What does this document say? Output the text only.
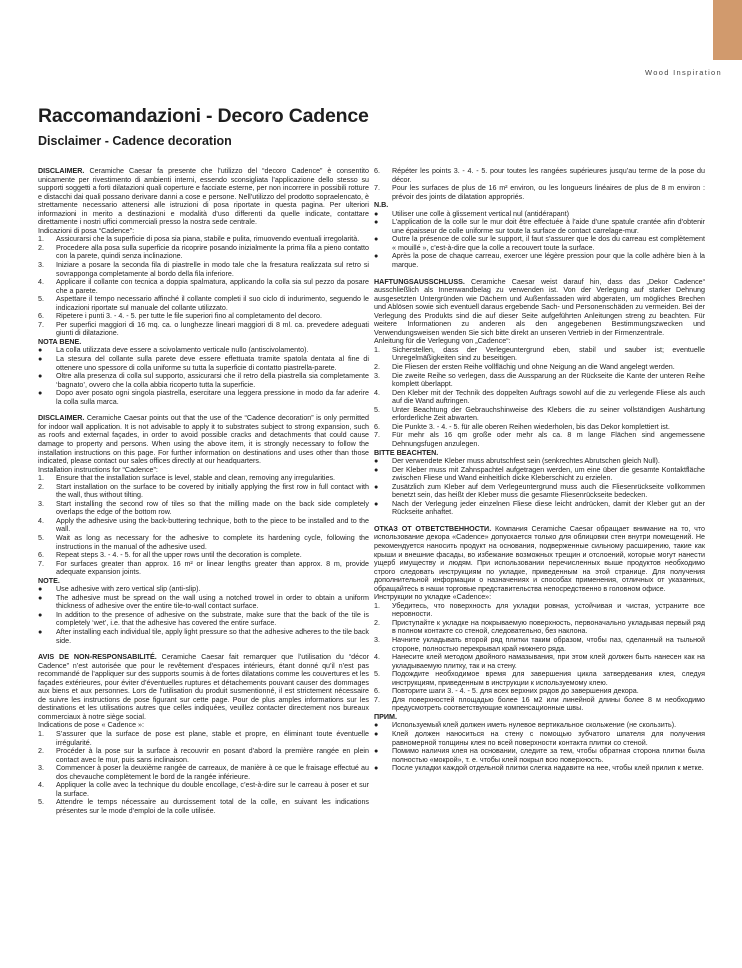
Wood Inspiration
Raccomandazioni - Decoro Cadence
Disclaimer - Cadence decoration

DISCLAIMER. Ceramiche Caesar fa presente che l’utilizzo del “decoro Cadence” è consentito unicamente per rivestimento di ambienti interni, essendo sconsigliata l’applicazione dello stesso su supporti soggetti a forti dilatazioni quali coperture e facciate esterne, per non incorrere in possibili rotture e distacchi dai quali possano derivare danni a cose e persone. Nell’utilizzo del prodotto sopraelencato, è strettamente necessario attenersi alle istruzioni di posa riportate in questa pagina. Per ulteriori informazioni in merito a destinazioni e modalità d’uso differenti da quelle indicate, contattare direttamente i nostri uffici commerciali presso la nostra sede centrale.

Indicazioni di posa “Cadence”:

1. Assicurarsi che la superficie di posa sia piana, stabile e pulita, rimuovendo eventuali irregolarità.
2. Procedere alla posa sulla superficie da ricoprire posando inizialmente la prima fila a pieno contatto con la parete, quindi senza inclinazione.
3. Iniziare a posare la seconda fila di piastrelle in modo tale che la fresatura realizzata sul retro si sovrapponga completamente al bordo della fila inferiore.
4. Applicare il collante con tecnica a doppia spalmatura, applicando la colla sia sul pezzo da posare che a parete.
5. Aspettare il tempo necessario affinché il collante completi il suo ciclo di indurimento, seguendo le indicazioni riportate sul manuale del collante utilizzato.
6. Ripetere i punti 3. - 4. - 5. per tutte le file superiori fino al completamento del decoro.
7. Per superfici maggiori di 16 mq. ca. o lunghezze lineari maggiori di 8 ml. ca. prevedere adeguati giunti di dilatazione.

NOTA BENE.

● La colla utilizzata deve essere a scivolamento verticale nullo (antiscivolamento).
● La stesura del collante sulla parete deve essere effettuata tramite spatola dentata al fine di ottenere uno spessore di colla uniforme su tutta la superficie di contatto piastrella-parete.
● Oltre alla presenza di colla sul supporto, assicurarsi che il retro della piastrella sia completamente ‘bagnato’, ovvero che la colla abbia ricoperto tutta la superficie.
● Dopo aver posato ogni singola piastrella, esercitare una leggera pressione in modo da far aderire la colla sulla marca.

DISCLAIMER. Ceramiche Caesar points out that the use of the “Cadence decoration” is only permitted for indoor wall application. It is not advisable to apply it to substrates subject to strong expansion, such as roofs and external façades, in order to avoid possible cracks and detachments that could cause damage to property and persons. When using the above item, it is strongly necessary to follow the installation instructions on this page. For further information on destinations and uses other than those indicated, please contact our sales offices directly at our headquarters.

Installation instructions for “Cadence”:

1. Ensure that the installation surface is level, stable and clean, removing any irregularities.
2. Start installation on the surface to be covered by initially applying the first row in full contact with the wall, thus without tilting.
3. Start installing the second row of tiles so that the milling made on the back side completely overlaps the edge of the bottom row.
4. Apply the adhesive using the back-buttering technique, both to the piece to be installed and to the wall.
5. Wait as long as necessary for the adhesive to complete its hardening cycle, following the instructions in the manual of the adhesive used.
6. Repeat steps 3. - 4. - 5. for all the upper rows until the decoration is complete.
7. For surfaces greater than approx. 16 m² or linear lengths greater than approx. 8 m, provide adequate expansion joints.

NOTE.

● Use adhesive with zero vertical slip (anti-slip).
● The adhesive must be spread on the wall using a notched trowel in order to obtain a uniform thickness of adhesive over the entire tile-to-wall contact surface.
● In addition to the presence of adhesive on the substrate, make sure that the back of the tile is completely ‘wet’, i.e. that the adhesive has covered the entire surface.
● After installing each individual tile, apply light pressure so that the adhesive adheres to the tile back side.

AVIS DE NON-RESPONSABILITÉ. Ceramiche Caesar fait remarquer que l’utilisation du “décor Cadence” n’est autorisée que pour le revêtement d’espaces intérieurs, étant donné qu’il n’est pas recommandé de l’appliquer sur des supports soumis à de fortes dilatations comme les couvertures et les façades extérieures, pour éviter d’éventuelles ruptures et détachements pouvant causer des dommages aux biens et aux personnes. Lors de l’utilisation du produit susmentionné, il est strictement nécessaire de suivre les instructions de pose figurant sur cette page. Pour de plus amples informations sur les destinations et les utilisations autres que celles indiquées, veuillez contacter directement nos bureaux commerciaux à notre siège social.

Indications de pose « Cadence »:

1. S’assurer que la surface de pose est plane, stable et propre, en éliminant toute éventuelle irrégularité.
2. Procéder à la pose sur la surface à recouvrir en posant d’abord la première rangée en plein contact avec le mur, puis sans inclinaison.
3. Commencer à poser la deuxième rangée de carreaux, de manière à ce que le fraisage effectué au dos chevauche complètement le bord de la rangée inférieure.
4. Appliquer la colle avec la technique du double encollage, c’est-à-dire sur le carreau à poser et sur la surface.
5. Attendre le temps nécessaire au durcissement total de la colle, en suivant les indications présentes sur le mode d’emploi de la colle utilisée.
6. Répéter les points 3. - 4. - 5. pour toutes les rangées supérieures jusqu’au terme de la pose du décor.
7. Pour les surfaces de plus de 16 m² environ, ou les longueurs linéaires de plus de 8 m environ : prévoir des joints de dilatation appropriés.

N.B.

● Utiliser une colle à glissement vertical nul (antidérapant)
● L’application de la colle sur le mur doit être effectuée à l’aide d’une spatule crantée afin d’obtenir une épaisseur de colle uniforme sur toute la surface de contact carrelage-mur.
● Outre la présence de colle sur le support, il faut s’assurer que le dos du carreau est complètement « mouillé », c’est-à-dire que la colle a recouvert toute la surface.
● Après la pose de chaque carreau, exercer une légère pression pour que la colle adhère bien à la marque.

HAFTUNGSAUSSCHLUSS. Ceramiche Caesar weist darauf hin, dass das „Dekor Cadence“ ausschließlich als Innenwandbelag zu verwenden ist. Von der Verlegung auf starker Dehnung ausgesetzten Untergründen wie Dächern und Außenfassaden wird abgeraten, um mögliches Brechen und Ablösen sowie sich eventuell daraus ergebende Sach- und Personenschäden zu vermeiden. Bei der Verlegung des Produkts sind die auf dieser Seite aufgeführten Anleitungen streng zu beachten. Für weitere Informationen zu anderen als den angegebenen Bestimmungszwecken und Verwendungsweisen wenden Sie sich bitte direkt an unseren Vertrieb in der Firmenzentrale.

Anleitung für die Verlegung von „Cadence“:

1. Sicherstellen, dass der Verlegeuntergrund eben, stabil und sauber ist; eventuelle Unregelmäßigkeiten sind zu beseitigen.
2. Die Fliesen der ersten Reihe vollflächig und ohne Neigung an die Wand angelegt werden.
3. Die zweite Reihe so verlegen, dass die Aussparung an der Rückseite die Kante der unteren Reihe komplett überlappt.
4. Den Kleber mit der Technik des doppelten Auftrags sowohl auf die zu verlegende Fliese als auch auf die Wand auftringen.
5. Unter Beachtung der Gebrauchshinweise des Klebers die zu seiner vollständigen Aushärtung erforderliche Zeit abwarten.
6. Die Punkte 3. - 4. - 5. für alle oberen Reihen wiederholen, bis das Dekor komplettiert ist.
7. Für mehr als 16 qm große oder mehr als ca. 8 m lange Flächen sind angemessene Dehnungsfugen anzulegen.

BITTE BEACHTEN.

● Der verwendete Kleber muss abrutschfest sein (senkrechtes Abrutschen gleich Null).
● Der Kleber muss mit Zahnspachtel aufgetragen werden, um eine über die gesamte Kontaktfläche zwischen Fliese und Wand einheitlich dicke Kleberschicht zu erzielen.
● Zusätzlich zum Kleber auf dem Verlegeuntergrund muss auch die Fliesenrückseite vollkommen benetzt sein, das heißt der Kleber muss die gesamte Fliesenrückseite bedecken.
● Nach der Verlegung jeder einzelnen Fliese diese leicht andrücken, damit der Kleber gut an der Rückseite anhaftet.

ОТКАЗ ОТ ОТВЕТСТВЕННОСТИ. Компания Ceramiche Caesar обращает внимание на то, что использование декора «Cadence» допускается только для облицовки стен внутри помещений. Не рекомендуется наносить продукт на основания, подверженные сильному расширению, такие как крыши и внешние фасады, во избежание возможных трещин и отслоений, которые могут нанести ущерб имуществу и людям. При использовании перечисленных выше продуктов необходимо строго следовать инструкциям по укладке, приведенным на этой странице. Для получения дополнительной информации о назначениях и способах применения, отличных от указанных, обращайтесь в наши торговые представительства непосредственно в головном офисе.

Инструкции по укладке «Cadence»:

1. Убедитесь, что поверхность для укладки ровная, устойчивая и чистая, устраните все неровности.
2. Приступайте к укладке на покрываемую поверхность, первоначально укладывая первый ряд в полном контакте со стеной, следовательно, без наклона.
3. Начните укладывать второй ряд плитки таким образом, чтобы паз, сделанный на тыльной стороне, полностью перекрывал край нижнего ряда.
4. Нанесите клей методом двойного намазывания, при этом клей должен быть нанесен как на укладываемую плитку, так и на стену.
5. Подождите необходимое время для завершения цикла затвердевания клея, следуя инструкциям, приведенным в инструкции к используемому клею.
6. Повторите шаги 3. - 4. - 5. для всех верхних рядов до завершения декора.
7. Для поверхностей площадью более 16 м2 или линейной длины более 8 м необходимо предусмотреть соответствующие компенсационные швы.

ПРИМ.

● Используемый клей должен иметь нулевое вертикальное скольжение (не скользить).
● Клей должен наноситься на стену с помощью зубчатого шпателя для получения равномерной толщины клея по всей поверхности контакта плитки со стеной.
● Помимо наличия клея на основании, следите за тем, чтобы обратная сторона плитки была полностью «мокрой», т. е. чтобы клей покрыл всю поверхность.
● После укладки каждой отдельной плитки слегка надавите на нее, чтобы клей прилип к метке.
